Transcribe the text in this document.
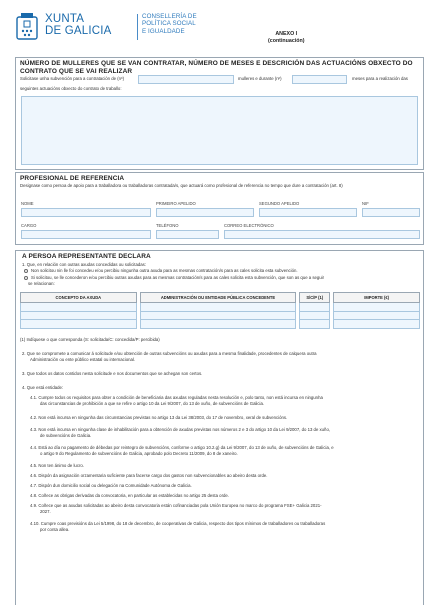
XUNTA
DE GALICIA
CONSELLERÍA DE
POLÍTICA SOCIAL
E IGUALDADE	ANEXO I
(continuación)
NÚMERO DE MULLERES QUE SE VAN CONTRATAR, NÚMERO DE MESES E DESCRICIÓN DAS ACTUACIÓNS OBXECTO DO CONTRATO QUE SE VAI REALIZAR
Solicitase unha subvención para a contratación de (nº)	mulleres e durante (nº)	meses para a realización das
seguintes actuacións obxecto do contrato de traballo:
PROFESIONAL DE REFERENCIA
Designase como persoa de apoio para a traballadora ou traballadoras contratada/s, que actuará como profesional de referencia no tempo que dure a contratación (art. 8)
NOME	PRIMEIRO APELIDO	SEGUNDO APELIDO	NIF
CARGO	TELÉFONO	CORREO ELECTRÓNICO
A PERSOA REPRESENTANTE DECLARA
1. Que, en relación con outras axudas concedidas ou solicitadas:
Non solicitou nin lle foi concedeu e/ou percibiu ningunha outra axuda para as mesmas contratación/s para as cales solicita esta subvención.
Si solicitou, se lle concederon e/ou percibiu outras axudas para as mesmas contratación/s para as cales solicita esta subvención, que son as que a seguir
se relacionan:
CONCEPTO DA AXUDA		ADMINISTRACIÓN OU ENTIDADE PÚBLICA CONCEDENTE		S/C/P (1)		IMPORTE (€)

(1) Indíquese o que corresponda (S: solicitada/C: concedida/P: percibida)
2. Que se compromete a comunicar á solicitude e/ou obtención de outras subvencións ou axudas para a mesma finalidade, procedentes de calquera outra
Administración ou ente público estatal ou internacional.
3. Que todos os datos contidos nesta solicitude e nos documentos que se achegan son certos.
4. Que está entidade:
4.1. Cumpre todos os requisitos para obter a condición de beneficiaria das axudas reguladas nesta resolución e, polo tanto, non está incursa en ningunha
das circunstancias de prohibición a que se refire o artigo 10 da Lei 9/2007, do 13 de xuño, de subvencións de Galicia.
4.2. Non está incursa en ningunha das circunstancias previstas no artigo 13 da Lei 38/2003, do 17 de novembro, xeral de subvencións.
4.3. Non está incursa en ningunha clase de inhabilitación para a obtención de axudas previstas nos números 2 e 3 do artigo 10 da Lei 9/2007, do 13 de xuño,
de subvencións de Galicia.
4.4. Está ao día no pagamento de débedas por reintegro de subvencións, conforme o artigo 10.2.g) da Lei 9/2007, do 13 de xuño, de subvencións de Galicia, e
o artigo 9 do Regulamento de subvencións de Galicia, aprobado polo Decreto 11/2009, do 8 de xaneiro.
4.5. Non ten ánimo de lucro.
4.6. Dispón da asignación orzamentaria suficiente para facerse cargo dos gastos non subvencionables ao abeiro desta orde.
4.7. Dispón dun domicilio social ou delegación na Comunidade Autónoma de Galicia.
4.8. Coñece as obrigas derivadas da convocatoria, en particular as establecidas no artigo 25 desta orde.
4.9. Coñece que as axudas solicitadas ao abeiro desta convocatoria están cofinanciadas pola Unión Europea no marco do programa FSE+ Galicia 2021-
2027.
4.10. Cumpre coas previsións da Lei 5/1998, do 18 de decembro, de cooperativas de Galicia, respecto dos tipos mínimos de traballadores ou traballadoras
por conta allea.
